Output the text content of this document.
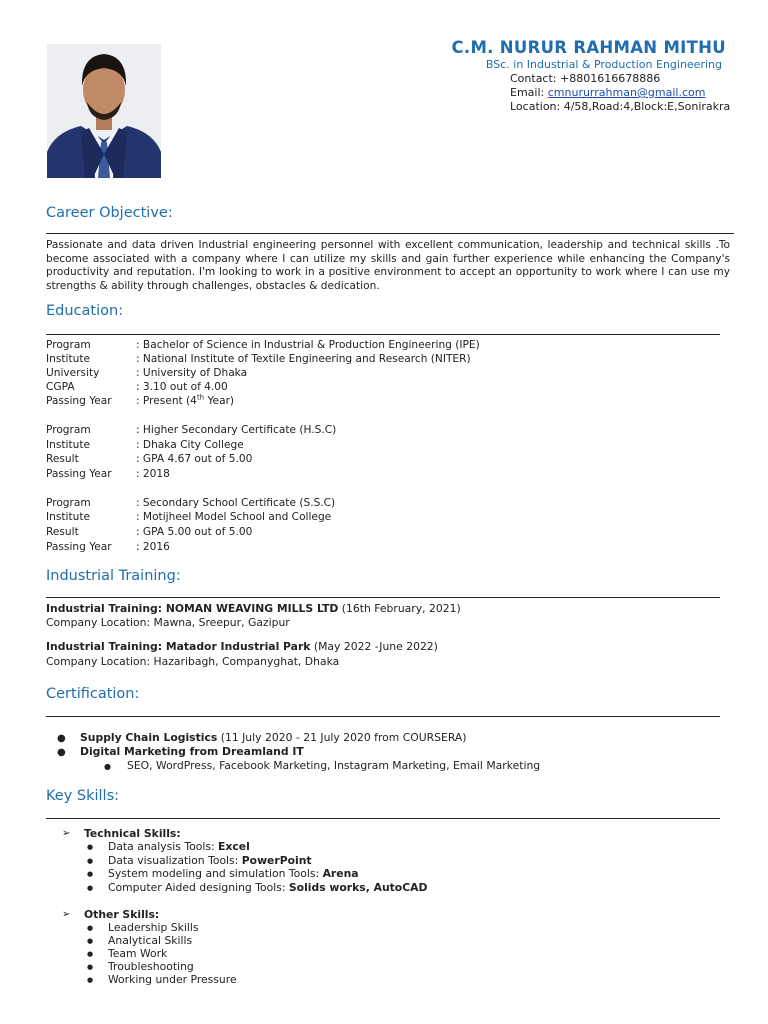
C.M. NURUR RAHMAN MITHU
BSc. in Industrial & Production Engineering
Contact: +8801616678886
Email: cmnururrahman@gmail.com
Location: 4/58,Road:4,Block:E,Sonirakra
Career Objective:
Passionate and data driven Industrial engineering personnel with excellent communication, leadership and technical skills .To become associated with a company where I can utilize my skills and gain further experience while enhancing the Company's productivity and reputation. I'm looking to work in a positive environment to accept an opportunity to work where I can use my strengths & ability through challenges, obstacles & dedication.
Education:
Program	: Bachelor of Science in Industrial & Production Engineering (IPE)
Institute	: National Institute of Textile Engineering and Research (NITER)
University	: University of Dhaka
CGPA	: 3.10 out of 4.00
Passing Year : Present (4th Year)
Program	: Higher Secondary Certificate (H.S.C)
Institute	: Dhaka City College
Result	: GPA 4.67 out of 5.00
Passing Year : 2018
Program	: Secondary School Certificate (S.S.C)
Institute	: Motijheel Model School and College
Result	: GPA 5.00 out of 5.00
Passing Year : 2016
Industrial Training:
Industrial Training: NOMAN WEAVING MILLS LTD (16th February, 2021)
Company Location: Mawna, Sreepur, Gazipur
Industrial Training: Matador Industrial Park (May 2022 -June 2022)
Company Location: Hazaribagh, Companyghat, Dhaka
Certification:
● Supply Chain Logistics (11 July 2020 - 21 July 2020 from COURSERA)
● Digital Marketing from Dreamland IT
● SEO, WordPress, Facebook Marketing, Instagram Marketing, Email Marketing
Key Skills:
➢ Technical Skills:
● Data analysis Tools: Excel
● Data visualization Tools: PowerPoint
● System modeling and simulation Tools: Arena
● Computer Aided designing Tools: Solids works, AutoCAD
➢ Other Skills:
● Leadership Skills
● Analytical Skills
● Team Work
● Troubleshooting
● Working under Pressure
